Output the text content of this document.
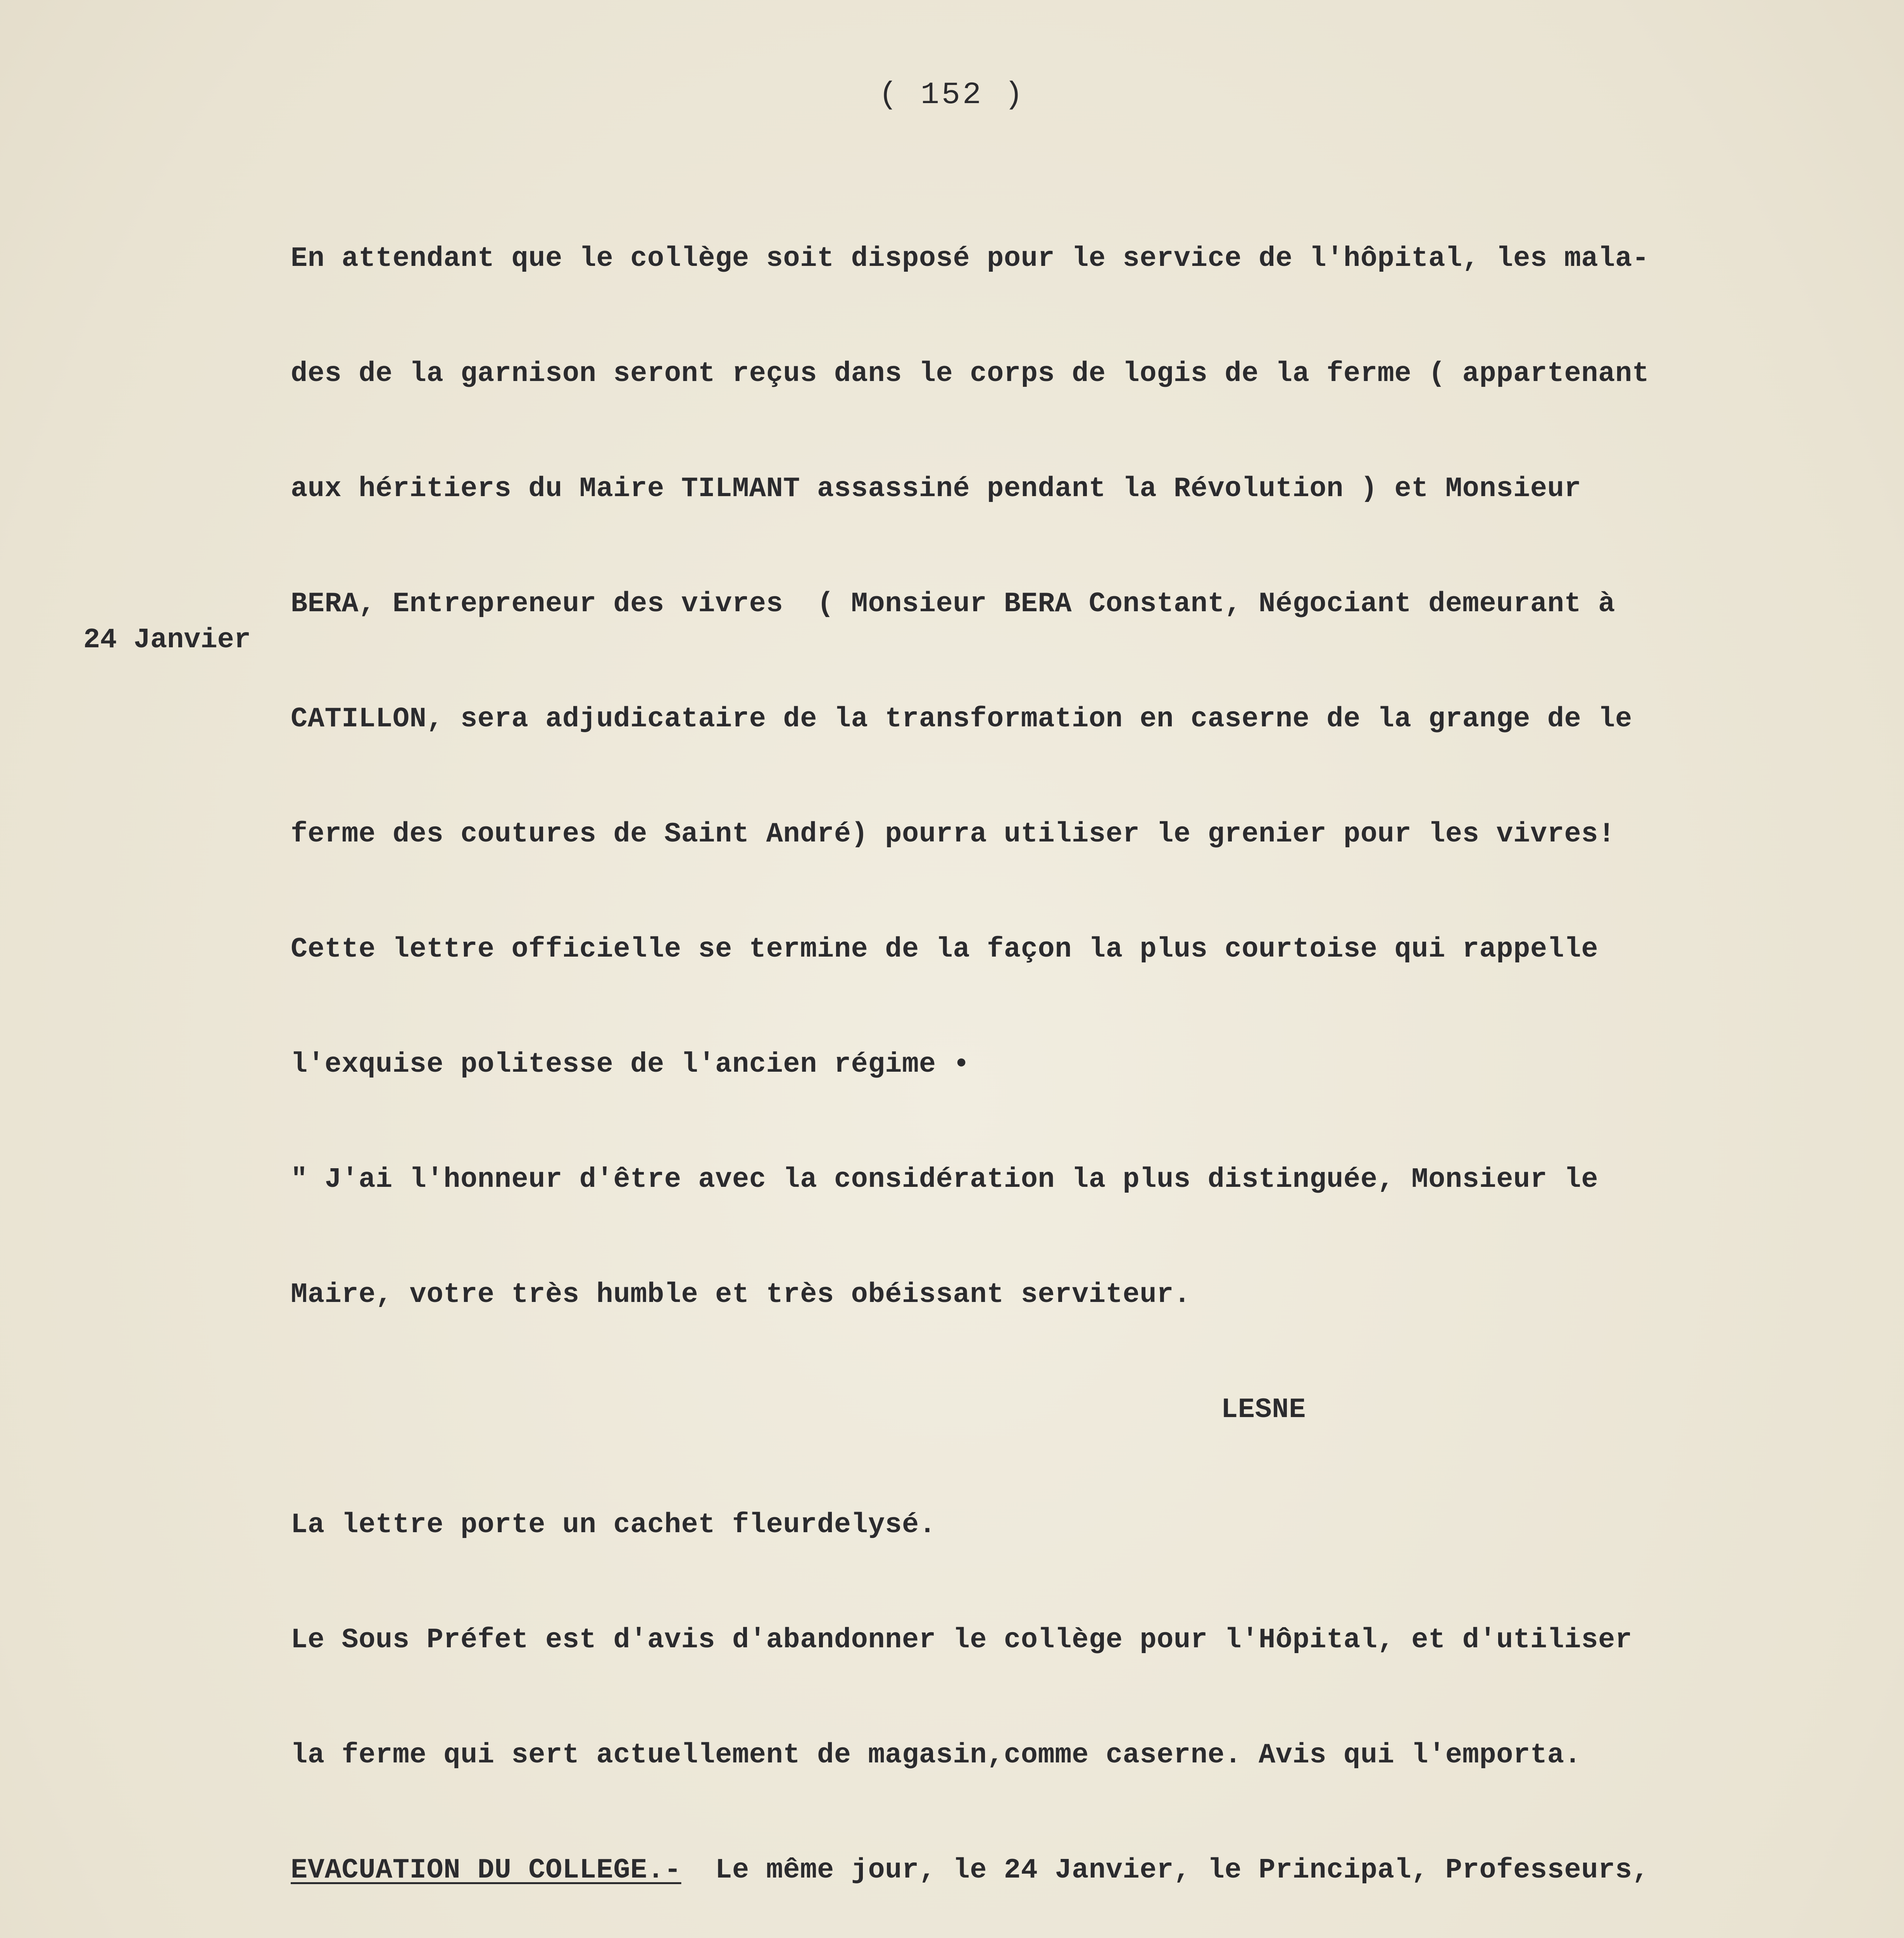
( 152 )
24 Janvier

En attendant que le collège soit disposé pour le service de l'hôpital, les mala-

des de la garnison seront reçus dans le corps de logis de la ferme ( appartenant

aux héritiers du Maire TILMANT assassiné pendant la Révolution ) et Monsieur

BERA, Entrepreneur des vivres  ( Monsieur BERA Constant, Négociant demeurant à

CATILLON, sera adjudicataire de la transformation en caserne de la grange de le

ferme des coutures de Saint André) pourra utiliser le grenier pour les vivres!

Cette lettre officielle se termine de la façon la plus courtoise qui rappelle

l'exquise politesse de l'ancien régime •

" J'ai l'honneur d'être avec la considération la plus distinguée, Monsieur le

Maire, votre très humble et très obéissant serviteur.

LESNE

La lettre porte un cachet fleurdelysé.

Le Sous Préfet est d'avis d'abandonner le collège pour l'Hôpital, et d'utiliser

la ferme qui sert actuellement de magasin,comme caserne. Avis qui l'emporta.

EVACUATION DU COLLEGE.-  Le même jour, le 24 Janvier, le Principal, Professeurs,
